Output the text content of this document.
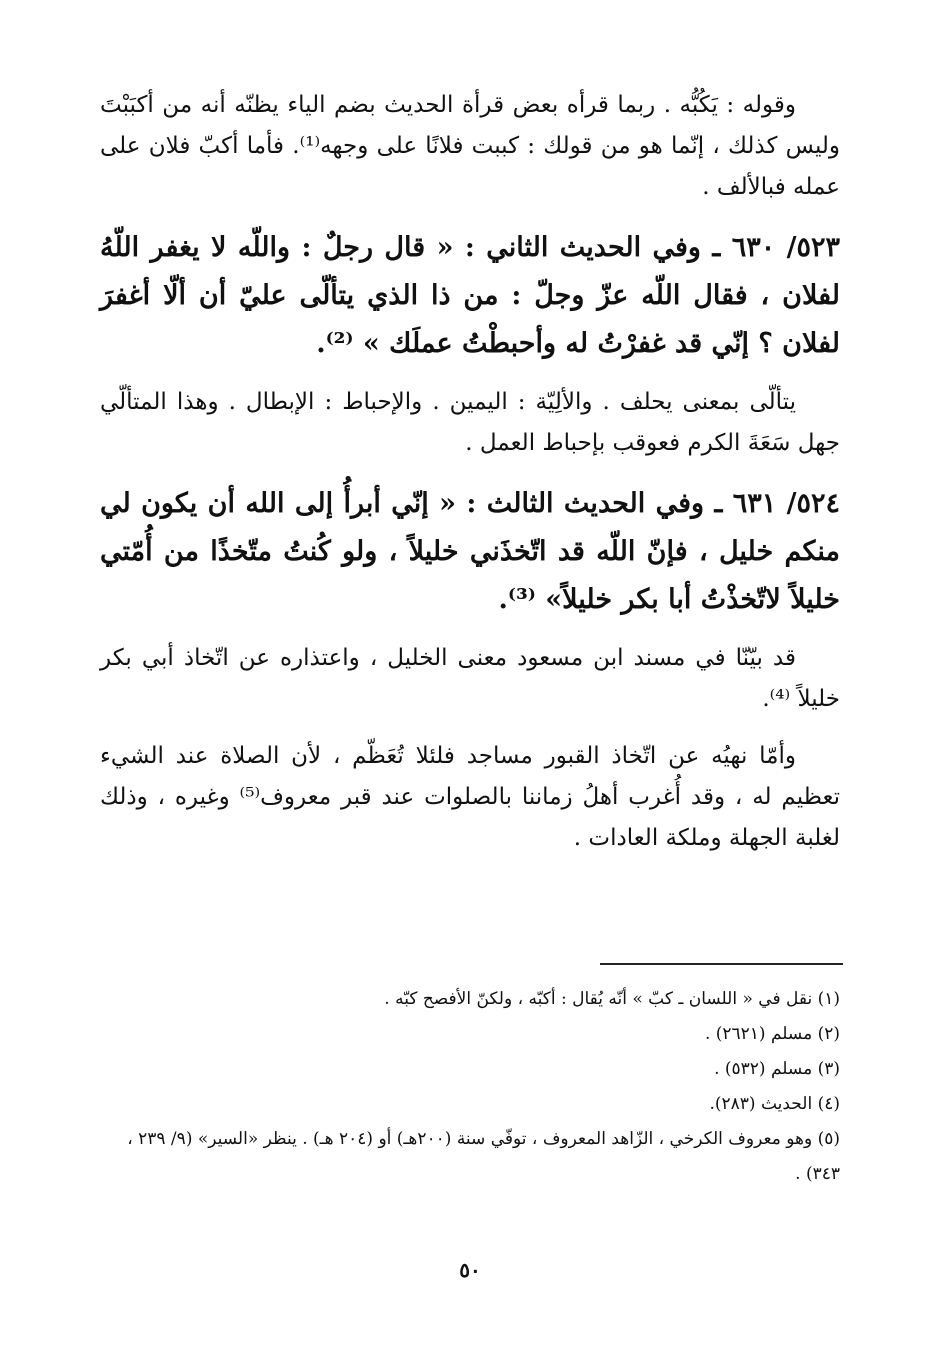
وقوله : يَكُبُّه . ربما قرأه بعض قرأة الحديث بضم الياء يظنّه أنه من أكبَبْتَ وليس كذلك ، إنّما هو من قولك : كببت فلانًا على وجهه⁽¹⁾. فأما أكبّ فلان على عمله فبالألف .

٥٢٣/ ٦٣٠ ـ وفي الحديث الثاني : « قال رجلٌ : واللّه لا يغفر اللّهُ لفلان ، فقال اللّه عزّ وجلّ : من ذا الذي يتألّى عليّ أن ألّا أغفرَ لفلان ؟ إنّي قد غفرْتُ له وأحبطْتُ عملَك » ⁽²⁾.

يتألّى بمعنى يحلف . والألِيّة : اليمين . والإحباط : الإبطال . وهذا المتألّي جهل سَعَةَ الكرم فعوقب بإحباط العمل .

٥٢٤/ ٦٣١ ـ وفي الحديث الثالث : « إنّي أبرأُ إلى الله أن يكون لي منكم خليل ، فإنّ اللّه قد اتّخذَني خليلاً ، ولو كُنتُ متّخذًا من أُمّتي خليلاً لاتّخذْتُ أبا بكر خليلاً» ⁽³⁾.

قد بيّنّا في مسند ابن مسعود معنى الخليل ، واعتذاره عن اتّخاذ أبي بكر خليلاً ⁽⁴⁾.

وأمّا نهيُه عن اتّخاذ القبور مساجد فلئلا تُعَظّم ، لأن الصلاة عند الشيء تعظيم له ، وقد أُغرب أهلُ زماننا بالصلوات عند قبر معروف⁽⁵⁾ وغيره ، وذلك لغلبة الجهلة وملكة العادات .

(١) نقل في « اللسان ـ كبّ » أنّه يُقال : أكبّه ، ولكنّ الأفصح كبّه .

(٢) مسلم (٢٦٢١) .

(٣) مسلم (٥٣٢) .

(٤) الحديث (٢٨٣).

(٥) وهو معروف الكرخي ، الزّاهد المعروف ، توفّي سنة (٢٠٠هـ) أو (٢٠٤ هـ) . ينظر «السير» (٩/ ٢٣٩ ، ٣٤٣) .

٥٠
